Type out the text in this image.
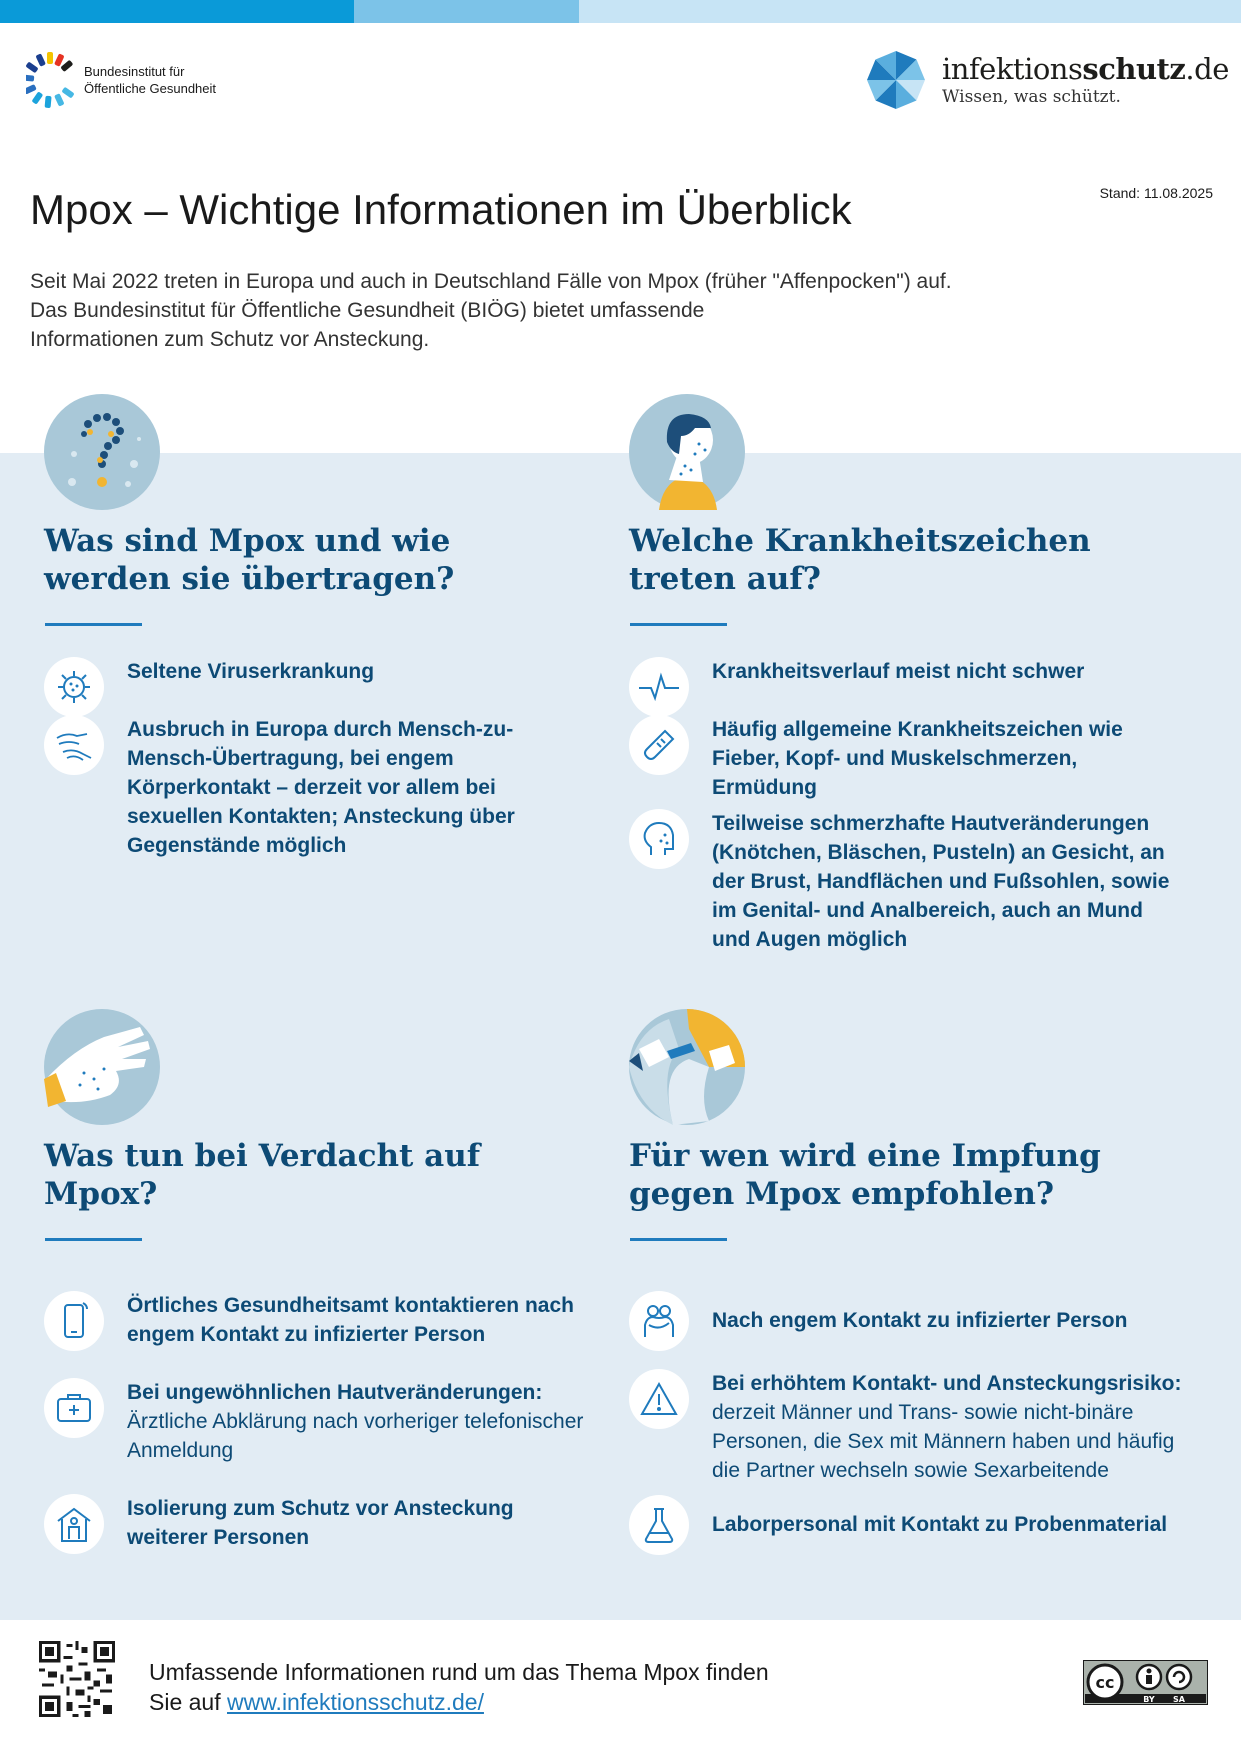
Bundesinstitut für
Öffentliche Gesundheit
infektionsschutz.de
Wissen, was schützt.
Stand: 11.08.2025
Mpox – Wichtige Informationen im Überblick
Seit Mai 2022 treten in Europa und auch in Deutschland Fälle von Mpox (früher "Affenpocken") auf.
Das Bundesinstitut für Öffentliche Gesundheit (BIÖG) bietet umfassende
Informationen zum Schutz vor Ansteckung.
Was sind Mpox und wie werden sie übertragen?
Seltene Viruserkrankung
Ausbruch in Europa durch Mensch-zu-Mensch-Übertragung, bei engem Körperkontakt – derzeit vor allem bei sexuellen Kontakten; Ansteckung über Gegenstände möglich
Welche Krankheitszeichen treten auf?
Krankheitsverlauf meist nicht schwer
Häufig allgemeine Krankheitszeichen wie Fieber, Kopf- und Muskelschmerzen, Ermüdung
Teilweise schmerzhafte Hautveränderungen (Knötchen, Bläschen, Pusteln) an Gesicht, an der Brust, Handflächen und Fußsohlen, sowie im Genital- und Analbereich, auch an Mund und Augen möglich
Was tun bei Verdacht auf Mpox?
Örtliches Gesundheitsamt kontaktieren nach engem Kontakt zu infizierter Person
Bei ungewöhnlichen Hautveränderungen:
Ärztliche Abklärung nach vorheriger telefonischer Anmeldung
Isolierung zum Schutz vor Ansteckung weiterer Personen
Für wen wird eine Impfung gegen Mpox empfohlen?
Nach engem Kontakt zu infizierter Person
Bei erhöhtem Kontakt- und Ansteckungsrisiko: derzeit Männer und Trans- sowie nicht-binäre Personen, die Sex mit Männern haben und häufig die Partner wechseln sowie Sexarbeitende
Laborpersonal mit Kontakt zu Probenmaterial
Umfassende Informationen rund um das Thema Mpox finden
Sie auf www.infektionsschutz.de/
cc
BY SA
